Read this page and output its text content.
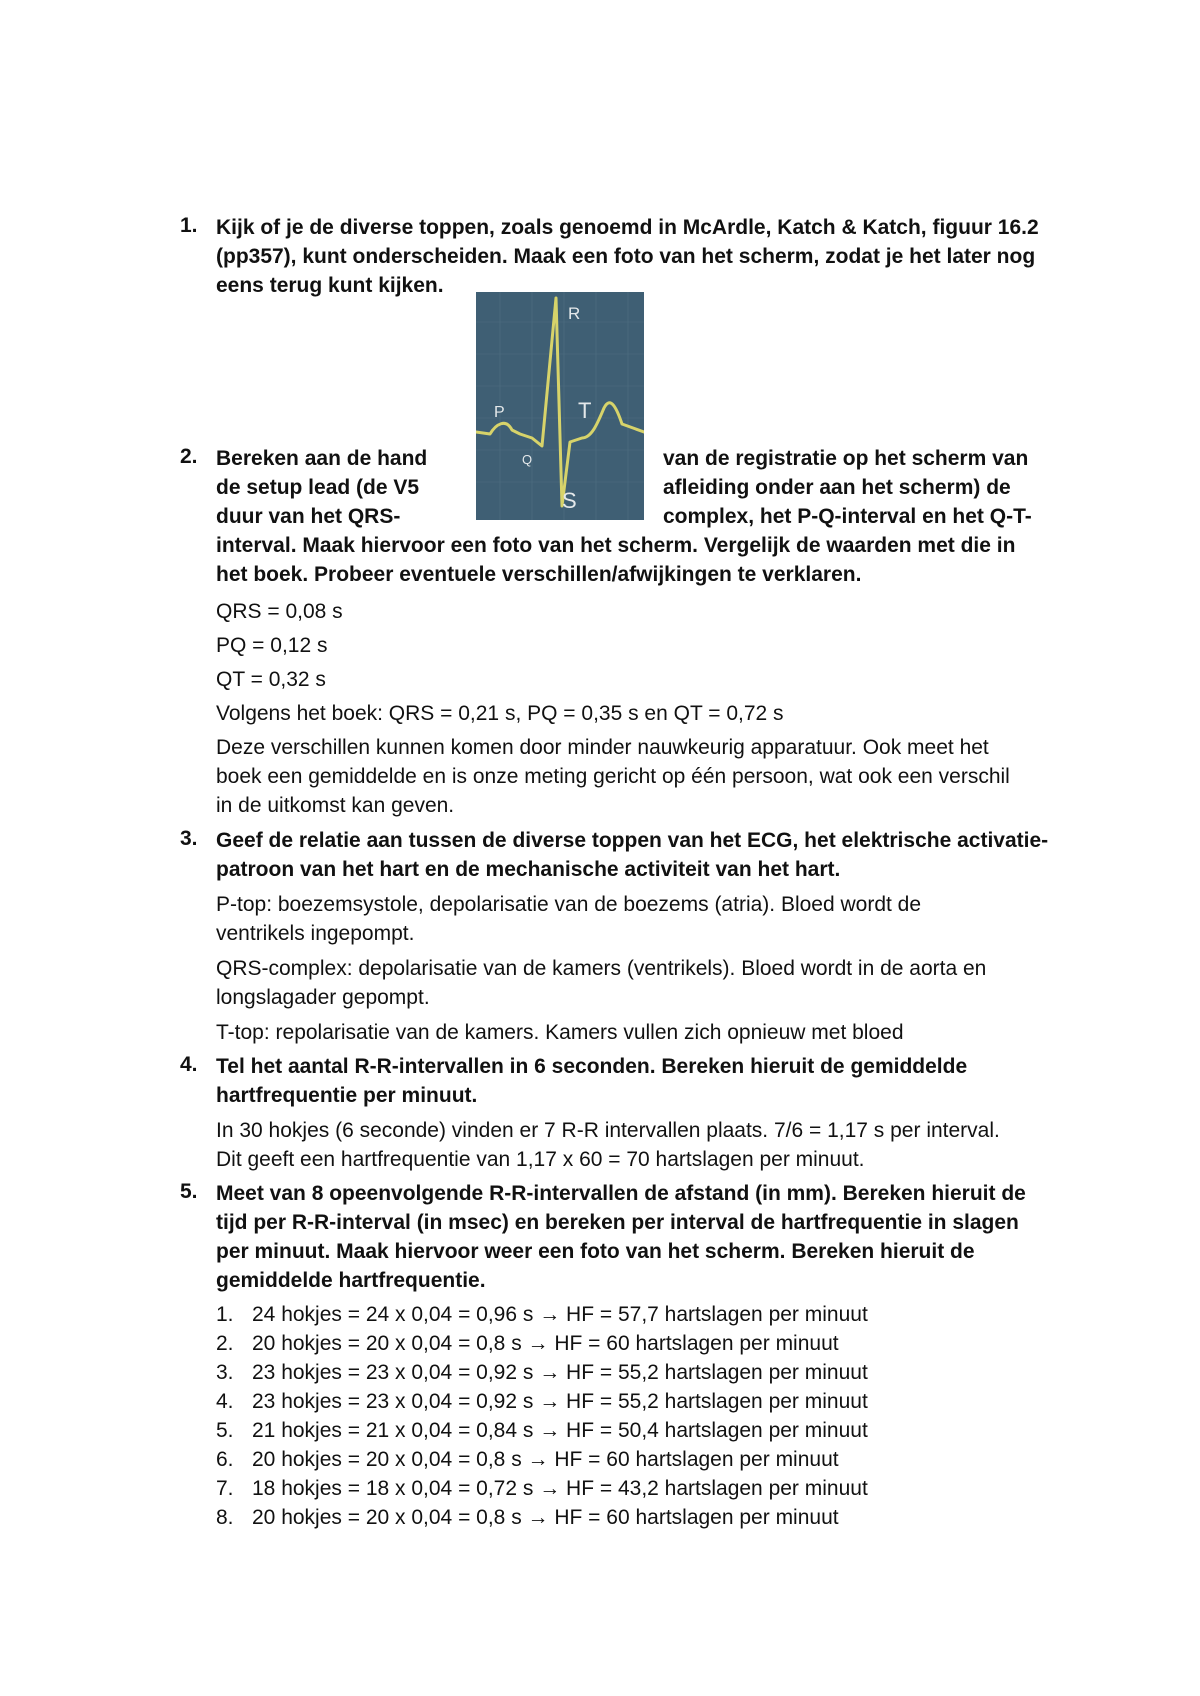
1. Kijk of je de diverse toppen, zoals genoemd in McArdle, Katch & Katch, figuur 16.2
(pp357), kunt onderscheiden. Maak een foto van het scherm, zodat je het later nog
eens terug kunt kijken.
R
P	T
Q
S
2. Bereken aan de hand
de setup lead (de V5
duur van het QRS-
van de registratie op het scherm van
afleiding onder aan het scherm) de
complex, het P-Q-interval en het Q-T-
interval. Maak hiervoor een foto van het scherm. Vergelijk de waarden met die in
het boek. Probeer eventuele verschillen/afwijkingen te verklaren.
QRS = 0,08 s
PQ = 0,12 s
QT = 0,32 s
Volgens het boek: QRS = 0,21 s, PQ = 0,35 s en QT = 0,72 s
Deze verschillen kunnen komen door minder nauwkeurig apparatuur. Ook meet het
boek een gemiddelde en is onze meting gericht op één persoon, wat ook een verschil
in de uitkomst kan geven.
3. Geef de relatie aan tussen de diverse toppen van het ECG, het elektrische activatie-
patroon van het hart en de mechanische activiteit van het hart.
P-top: boezemsystole, depolarisatie van de boezems (atria). Bloed wordt de
ventrikels ingepompt.
QRS-complex: depolarisatie van de kamers (ventrikels). Bloed wordt in de aorta en
longslagader gepompt.
T-top: repolarisatie van de kamers. Kamers vullen zich opnieuw met bloed
4. Tel het aantal R-R-intervallen in 6 seconden. Bereken hieruit de gemiddelde
hartfrequentie per minuut.
In 30 hokjes (6 seconde) vinden er 7 R-R intervallen plaats. 7/6 = 1,17 s per interval.
Dit geeft een hartfrequentie van 1,17 x 60 = 70 hartslagen per minuut.
5. Meet van 8 opeenvolgende R-R-intervallen de afstand (in mm). Bereken hieruit de
tijd per R-R-interval (in msec) en bereken per interval de hartfrequentie in slagen
per minuut. Maak hiervoor weer een foto van het scherm. Bereken hieruit de
gemiddelde hartfrequentie.
1. 24 hokjes = 24 x 0,04 = 0,96 s → HF = 57,7 hartslagen per minuut
2. 20 hokjes = 20 x 0,04 = 0,8 s → HF = 60 hartslagen per minuut
3. 23 hokjes = 23 x 0,04 = 0,92 s → HF = 55,2 hartslagen per minuut
4. 23 hokjes = 23 x 0,04 = 0,92 s → HF = 55,2 hartslagen per minuut
5. 21 hokjes = 21 x 0,04 = 0,84 s → HF = 50,4 hartslagen per minuut
6. 20 hokjes = 20 x 0,04 = 0,8 s → HF = 60 hartslagen per minuut
7. 18 hokjes = 18 x 0,04 = 0,72 s → HF = 43,2 hartslagen per minuut
8. 20 hokjes = 20 x 0,04 = 0,8 s → HF = 60 hartslagen per minuut
